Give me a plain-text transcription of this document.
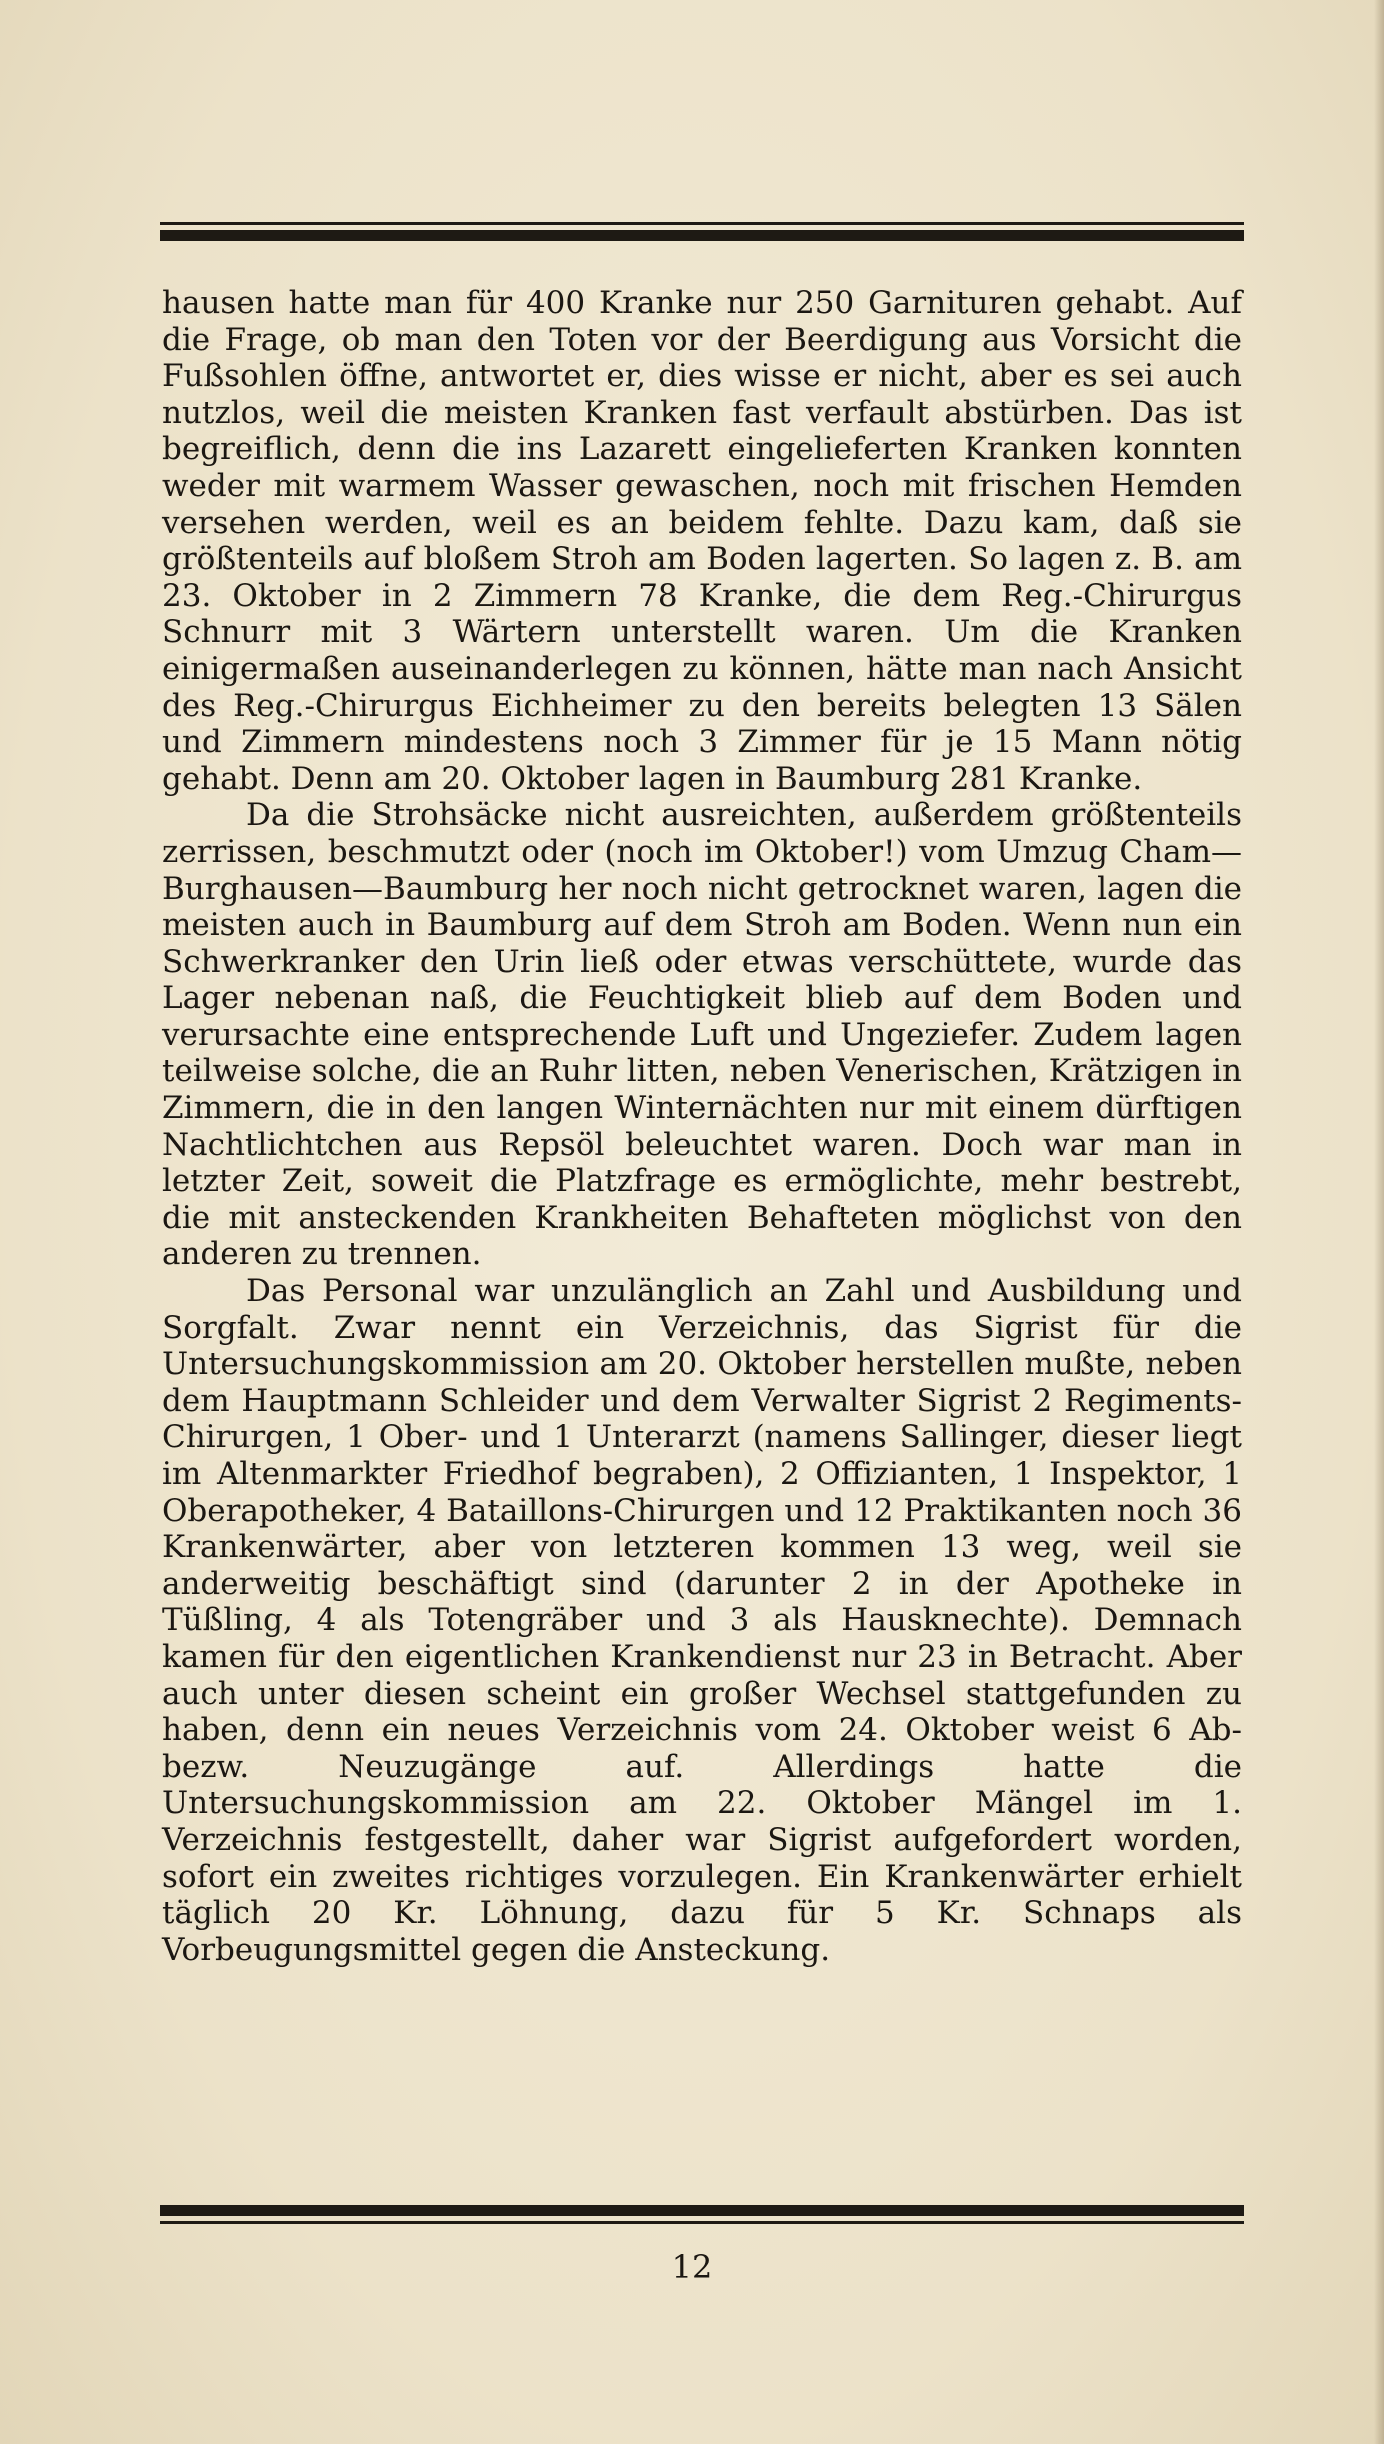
hausen hatte man für 400 Kranke nur 250 Garnituren gehabt. Auf die Frage, ob man den Toten vor der Beerdigung aus Vorsicht die Fußsohlen öffne, antwortet er, dies wisse er nicht, aber es sei auch nutzlos, weil die meisten Kranken fast verfault abstürben. Das ist begreiflich, denn die ins Lazarett eingelieferten Kranken konnten weder mit warmem Wasser gewaschen, noch mit frischen Hemden versehen werden, weil es an beidem fehlte. Dazu kam, daß sie größtenteils auf bloßem Stroh am Boden lagerten. So lagen z. B. am 23. Oktober in 2 Zimmern 78 Kranke, die dem Reg.-Chirurgus Schnurr mit 3 Wärtern unterstellt waren. Um die Kranken einigermaßen auseinanderlegen zu können, hätte man nach Ansicht des Reg.-Chirurgus Eichheimer zu den bereits belegten 13 Sälen und Zimmern mindestens noch 3 Zimmer für je 15 Mann nötig gehabt. Denn am 20. Oktober lagen in Baumburg 281 Kranke.

Da die Strohsäcke nicht ausreichten, außerdem größtenteils zerrissen, beschmutzt oder (noch im Oktober!) vom Umzug Cham—Burghausen—Baumburg her noch nicht getrocknet waren, lagen die meisten auch in Baumburg auf dem Stroh am Boden. Wenn nun ein Schwerkranker den Urin ließ oder etwas verschüttete, wurde das Lager nebenan naß, die Feuchtigkeit blieb auf dem Boden und verursachte eine entsprechende Luft und Ungeziefer. Zudem lagen teilweise solche, die an Ruhr litten, neben Venerischen, Krätzigen in Zimmern, die in den langen Winternächten nur mit einem dürftigen Nachtlichtchen aus Repsöl beleuchtet waren. Doch war man in letzter Zeit, soweit die Platzfrage es ermöglichte, mehr bestrebt, die mit ansteckenden Krankheiten Behafteten möglichst von den anderen zu trennen.

Das Personal war unzulänglich an Zahl und Ausbildung und Sorgfalt. Zwar nennt ein Verzeichnis, das Sigrist für die Untersuchungskommission am 20. Oktober herstellen mußte, neben dem Hauptmann Schleider und dem Verwalter Sigrist 2 Regiments-Chirurgen, 1 Ober- und 1 Unterarzt (namens Sallinger, dieser liegt im Altenmarkter Friedhof begraben), 2 Offizianten, 1 Inspektor, 1 Oberapotheker, 4 Bataillons-Chirurgen und 12 Praktikanten noch 36 Krankenwärter, aber von letzteren kommen 13 weg, weil sie anderweitig beschäftigt sind (darunter 2 in der Apotheke in Tüßling, 4 als Totengräber und 3 als Hausknechte). Demnach kamen für den eigentlichen Krankendienst nur 23 in Betracht. Aber auch unter diesen scheint ein großer Wechsel stattgefunden zu haben, denn ein neues Verzeichnis vom 24. Oktober weist 6 Ab- bezw. Neuzugänge auf. Allerdings hatte die Untersuchungskommission am 22. Oktober Mängel im 1. Verzeichnis festgestellt, daher war Sigrist aufgefordert worden, sofort ein zweites richtiges vorzulegen. Ein Krankenwärter erhielt täglich 20 Kr. Löhnung, dazu für 5 Kr. Schnaps als Vorbeugungsmittel gegen die Ansteckung.

12
